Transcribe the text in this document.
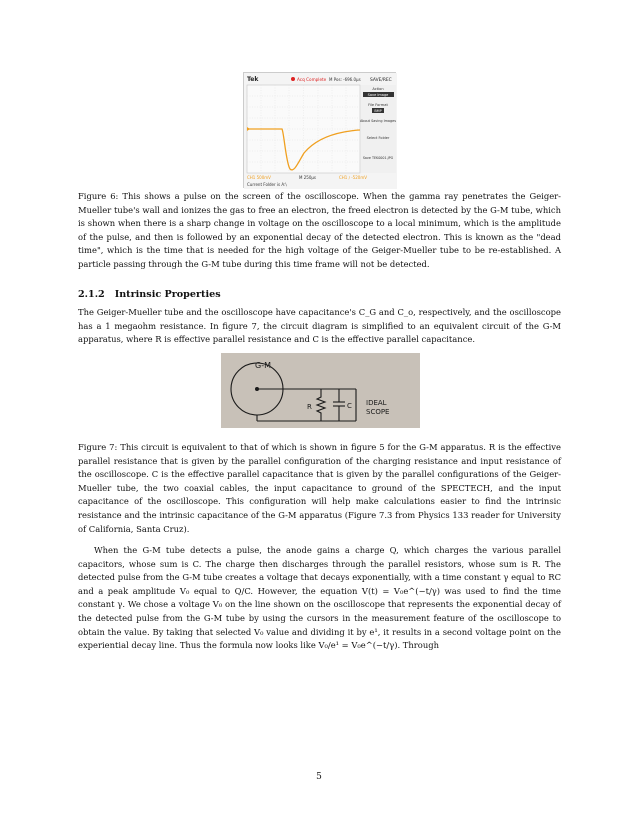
Tek	Acq Complete M Pos: -696.0µs SAVE/REC
Action
Save Image
File Format
BMP
About Saving Images
Select Folder
Save TEK0001.JPG
CH1 500mV	M 250µs	CH1 ∕ -520mV
Current Folder is A:\
Figure 6: This shows a pulse on the screen of the oscilloscope. When the gamma ray penetrates the Geiger-Mueller tube's wall and ionizes the gas to free an electron, the freed electron is detected by the G-M tube, which is shown when there is a sharp change in voltage on the oscilloscope to a local minimum, which is the amplitude of the pulse, and then is followed by an exponential decay of the detected electron. This is known as the "dead time", which is the time that is needed for the high voltage of the Geiger-Mueller tube to be re-established. A particle passing through the G-M tube during this time frame will not be detected.
2.1.2 Intrinsic Properties
The Geiger-Mueller tube and the oscilloscope have capacitance's C_G and C_o, respectively, and the oscilloscope has a 1 megaohm resistance. In figure 7, the circuit diagram is simplified to an equivalent circuit of the G-M apparatus, where R is effective parallel resistance and C is the effective parallel capacitance.
G-M
R	C IDEAL
SCOPE
Figure 7: This circuit is equivalent to that of which is shown in figure 5 for the G-M apparatus. R is the effective parallel resistance that is given by the parallel configuration of the charging resistance and input resistance of the oscilloscope. C is the effective parallel capacitance that is given by the parallel configurations of the Geiger-Mueller tube, the two coaxial cables, the input capacitance to ground of the SPECTECH, and the input capacitance of the oscilloscope. This configuration will help make calculations easier to find the intrinsic resistance and the intrinsic capacitance of the G-M apparatus (Figure 7.3 from Physics 133 reader for University of California, Santa Cruz).
When the G-M tube detects a pulse, the anode gains a charge Q, which charges the various parallel capacitors, whose sum is C. The charge then discharges through the parallel resistors, whose sum is R. The detected pulse from the G-M tube creates a voltage that decays exponentially, with a time constant γ equal to RC and a peak amplitude V₀ equal to Q/C. However, the equation V(t) = V₀e^(−t/γ) was used to find the time constant γ. We chose a voltage V₀ on the line shown on the oscilloscope that represents the exponential decay of the detected pulse from the G-M tube by using the cursors in the measurement feature of the oscilloscope to obtain the value. By taking that selected V₀ value and dividing it by e¹, it results in a second voltage point on the experiential decay line. Thus the formula now looks like V₀/e¹ = V₀e^(−t/γ). Through
5
